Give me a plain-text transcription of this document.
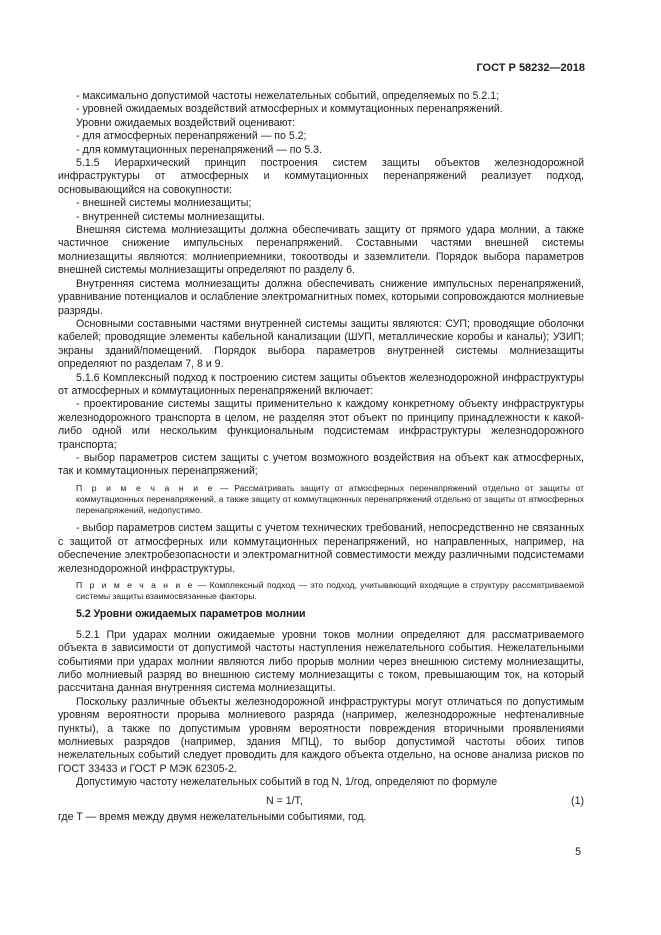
ГОСТ Р 58232—2018

- максимально допустимой частоты нежелательных событий, определяемых по 5.2.1;

- уровней ожидаемых воздействий атмосферных и коммутационных перенапряжений.

Уровни ожидаемых воздействий оценивают:

- для атмосферных перенапряжений — по 5.2;

- для коммутационных перенапряжений — по 5.3.

5.1.5 Иерархический принцип построения систем защиты объектов железнодорожной инфраструктуры от атмосферных и коммутационных перенапряжений реализует подход, основывающийся на совокупности:

- внешней системы молниезащиты;

- внутренней системы молниезащиты.

Внешняя система молниезащиты должна обеспечивать защиту от прямого удара молнии, а также частичное снижение импульсных перенапряжений. Составными частями внешней системы молниезащиты являются: молниеприемники, токоотводы и заземлители. Порядок выбора параметров внешней системы молниезащиты определяют по разделу 6.

Внутренняя система молниезащиты должна обеспечивать снижение импульсных перенапряжений, уравнивание потенциалов и ослабление электромагнитных помех, которыми сопровождаются молниевые разряды.

Основными составными частями внутренней системы защиты являются: СУП; проводящие оболочки кабелей; проводящие элементы кабельной канализации (ШУП, металлические коробы и каналы); УЗИП; экраны зданий/помещений. Порядок выбора параметров внутренней системы молниезащиты определяют по разделам 7, 8 и 9.

5.1.6 Комплексный подход к построению систем защиты объектов железнодорожной инфраструктуры от атмосферных и коммутационных перенапряжений включает:

- проектирование системы защиты применительно к каждому конкретному объекту инфраструктуры железнодорожного транспорта в целом, не разделяя этот объект по принципу принадлежности к какой-либо одной или нескольким функциональным подсистемам инфраструктуры железнодорожного транспорта;

- выбор параметров систем защиты с учетом возможного воздействия на объект как атмосферных, так и коммутационных перенапряжений;

П р и м е ч а н и е — Рассматривать защиту от атмосферных перенапряжений отдельно от защиты от коммутационных перенапряжений, а также защиту от коммутационных перенапряжений отдельно от защиты от атмосферных перенапряжений, недопустимо.

- выбор параметров систем защиты с учетом технических требований, непосредственно не связанных с защитой от атмосферных или коммутационных перенапряжений, но направленных, например, на обеспечение электробезопасности и электромагнитной совместимости между различными подсистемами железнодорожной инфраструктуры.

П р и м е ч а н и е — Комплексный подход — это подход, учитывающий входящие в структуру рассматриваемой системы защиты взаимосвязанные факторы.

5.2 Уровни ожидаемых параметров молнии

5.2.1 При ударах молнии ожидаемые уровни токов молнии определяют для рассматриваемого объекта в зависимости от допустимой частоты наступления нежелательного события. Нежелательными событиями при ударах молнии являются либо прорыв молнии через внешнюю систему молниезащиты, либо молниевый разряд во внешнюю систему молниезащиты с током, превышающим ток, на который рассчитана данная внутренняя система молниезащиты.

Поскольку различные объекты железнодорожной инфраструктуры могут отличаться по допустимым уровням вероятности прорыва молниевого разряда (например, железнодорожные нефтеналивные пункты), а также по допустимым уровням вероятности повреждения вторичными проявлениями молниевых разрядов (например, здания МПЦ), то выбор допустимой частоты обоих типов нежелательных событий следует проводить для каждого объекта отдельно, на основе анализа рисков по ГОСТ 33433 и ГОСТ Р МЭК 62305-2.

Допустимую частоту нежелательных событий в год N, 1/год, определяют по формуле

N = 1/T,	(1)

где T — время между двумя нежелательными событиями, год.

5
